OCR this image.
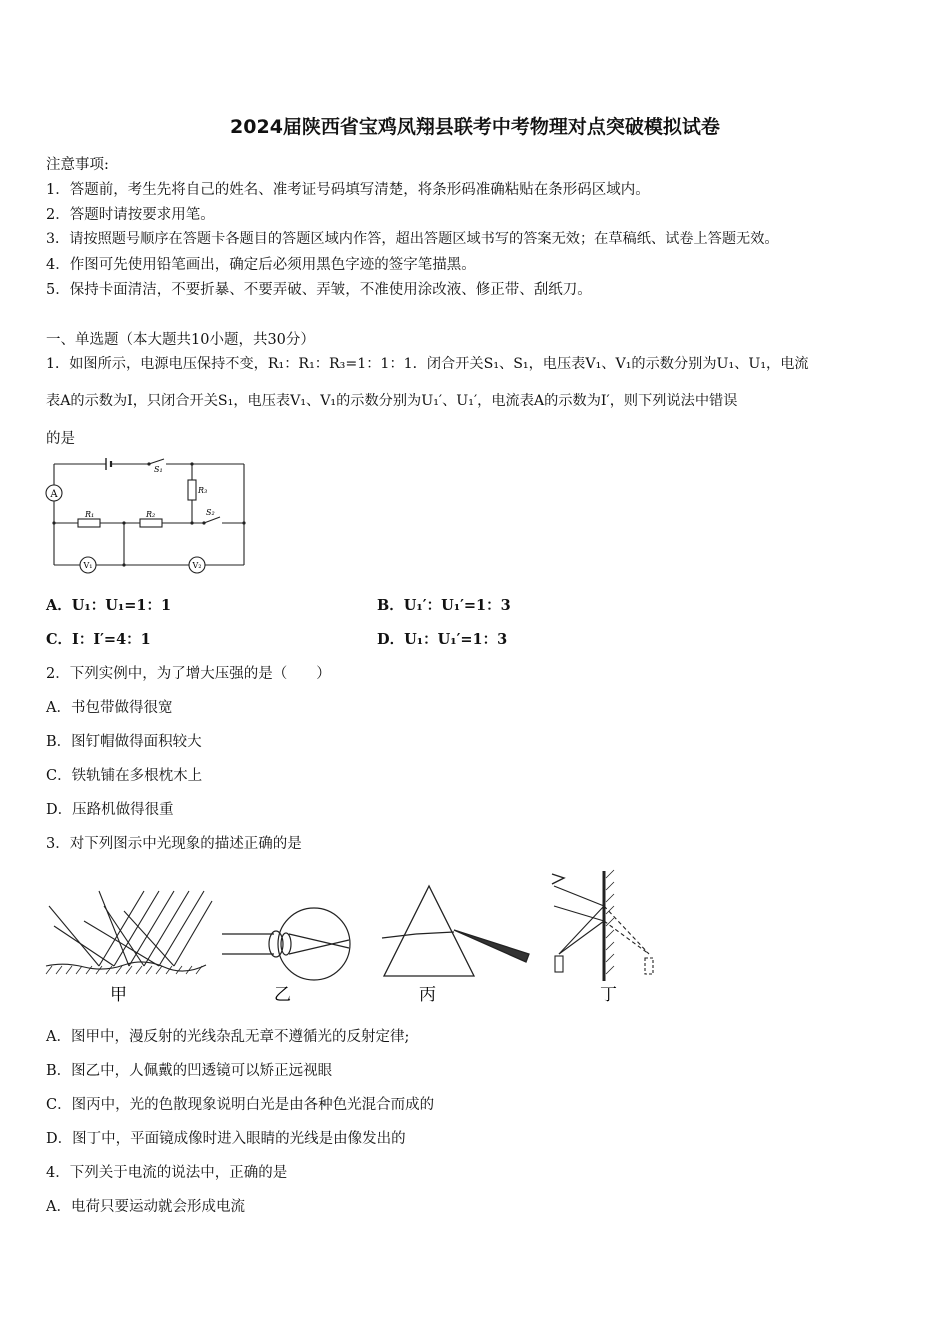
2024届陕西省宝鸡凤翔县联考中考物理对点突破模拟试卷
注意事项:
1．答题前，考生先将自己的姓名、准考证号码填写清楚，将条形码准确粘贴在条形码区域内。
2．答题时请按要求用笔。
3．请按照题号顺序在答题卡各题目的答题区域内作答，超出答题区域书写的答案无效；在草稿纸、试卷上答题无效。
4．作图可先使用铅笔画出，确定后必须用黑色字迹的签字笔描黑。
5．保持卡面清洁，不要折暴、不要弄破、弄皱，不准使用涂改液、修正带、刮纸刀。
一、单选题（本大题共10小题，共30分）
1．如图所示，电源电压保持不变，R₁：R₁：R₃=1：1：1．闭合开关S₁、S₁，电压表V₁、V₁的示数分别为U₁、U₁，电流
表A的示数为I，只闭合开关S₁，电压表V₁、V₁的示数分别为U₁′、U₁′，电流表A的示数为I′，则下列说法中错误
的是
A
S₁
R₃
S₂
R₁	R₂
V₁	V₂
A．U₁：U₁=1：1	B．U₁′：U₁′=1：3
C．I：I′=4：1	D．U₁：U₁′=1：3
2．下列实例中，为了增大压强的是（　　）
A．书包带做得很宽
B．图钉帽做得面积较大
C．铁轨铺在多根枕木上
D．压路机做得很重
3．对下列图示中光现象的描述正确的是
甲	乙	丙	丁
A．图甲中，漫反射的光线杂乱无章不遵循光的反射定律;
B．图乙中，人佩戴的凹透镜可以矫正远视眼
C．图丙中，光的色散现象说明白光是由各种色光混合而成的
D．图丁中，平面镜成像时进入眼睛的光线是由像发出的
4．下列关于电流的说法中，正确的是
A．电荷只要运动就会形成电流
